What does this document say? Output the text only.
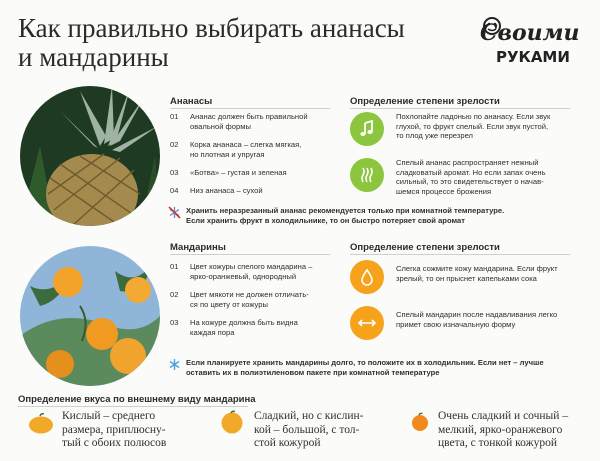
Как правильно выбирать ананасы
и мандарины
Своими
РУКАМИ
Ананасы
01	Ананас должен быть правильной
овальной формы
02	Корка ананаса – слегка мягкая,
но плотная и упругая
03	«Ботва» – густая и зеленая
04	Низ ананаса – сухой
Хранить неразрезанный ананас рекомендуется только при комнатной температуре.
Если хранить фрукт в холодильнике, то он быстро потеряет свой аромат
Определение степени зрелости
Похлопайте ладонью по ананасу. Если звук
глухой, то фрукт спелый. Если звук пустой,
то плод уже перезрел
Спелый ананас распространяет нежный
сладковатый аромат. Но если запах очень
сильный, то это свидетельствует о начав-
шемся процессе брожения
Мандарины
01	Цвет кожуры спелого мандарина –
ярко-оранжевый, однородный
02	Цвет мякоти не должен отличать-
ся по цвету от кожуры
03	На кожуре должна быть видна
каждая пора
Если планируете хранить мандарины долго, то положите их в холодильник. Если нет – лучше
оставить их в полиэтиленовом пакете при комнатной температуре
Определение степени зрелости
Слегка сожмите кожу мандарина. Если фрукт
зрелый, то он прыснет капельками сока
Спелый мандарин после надавливания легко
примет свою изначальную форму
Определение вкуса по внешнему виду мандарина
Кислый – среднего
размера, приплюсну-
тый с обоих полюсов
Сладкий, но с кислин-
кой – большой, с тол-
стой кожурой
Очень сладкий и сочный –
мелкий, ярко-оранжевого
цвета, с тонкой кожурой
